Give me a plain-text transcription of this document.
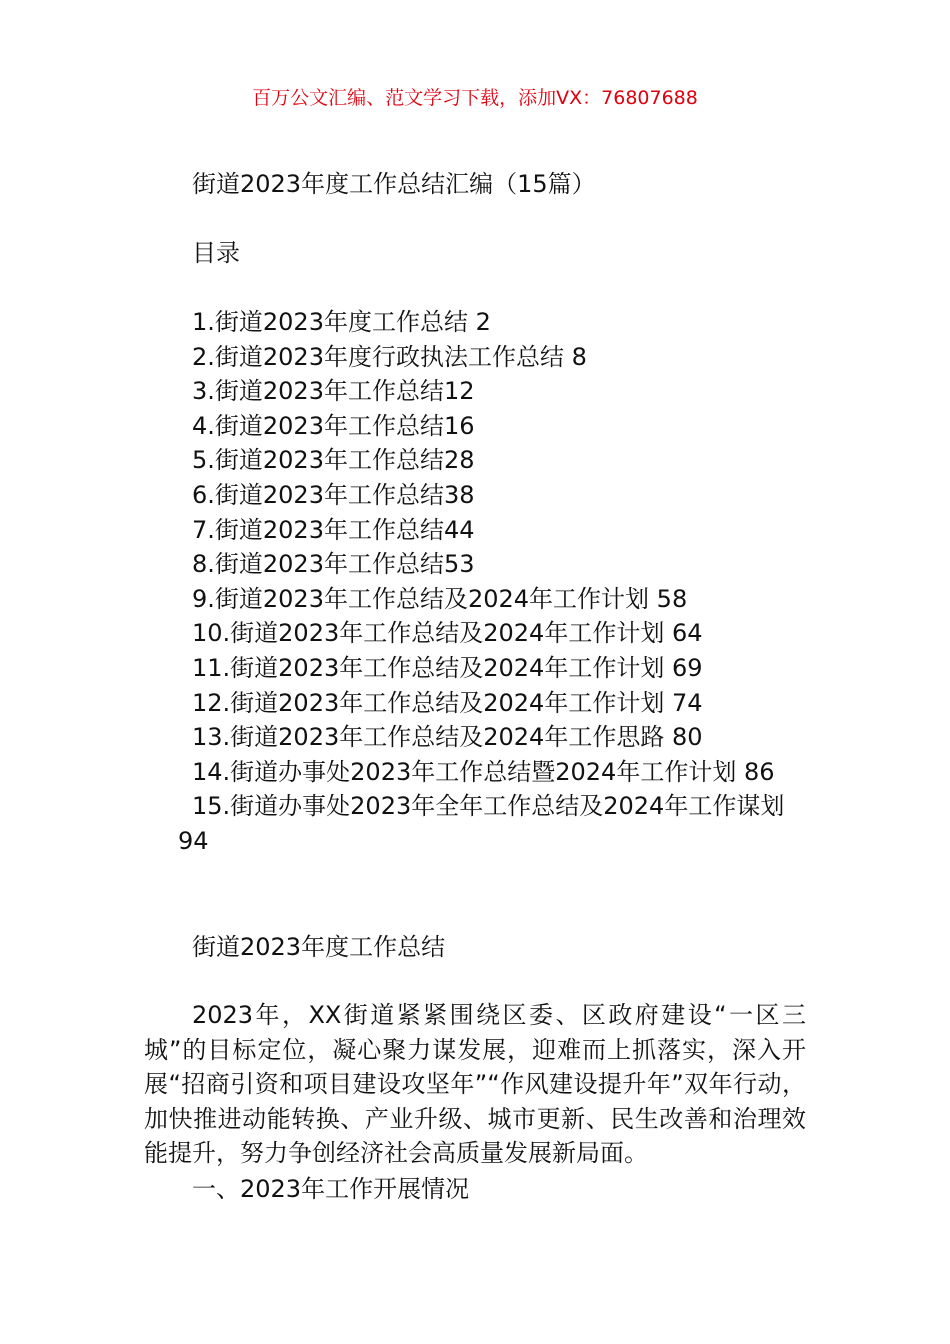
百万公文汇编、范文学习下载，添加VX：76807688
街道2023年度工作总结汇编（15篇）
目录
1.街道2023年度工作总结 2
2.街道2023年度行政执法工作总结 8
3.街道2023年工作总结12
4.街道2023年工作总结16
5.街道2023年工作总结28
6.街道2023年工作总结38
7.街道2023年工作总结44
8.街道2023年工作总结53
9.街道2023年工作总结及2024年工作计划 58
10.街道2023年工作总结及2024年工作计划 64
11.街道2023年工作总结及2024年工作计划 69
12.街道2023年工作总结及2024年工作计划 74
13.街道2023年工作总结及2024年工作思路 80
14.街道办事处2023年工作总结暨2024年工作计划 86
15.街道办事处2023年全年工作总结及2024年工作谋划
94
街道2023年度工作总结

2023年，XX街道紧紧围绕区委、区政府建设“一区三城”的目标定位，凝心聚力谋发展，迎难而上抓落实，深入开展“招商引资和项目建设攻坚年”“作风建设提升年”双年行动，加快推进动能转换、产业升级、城市更新、民生改善和治理效能提升，努力争创经济社会高质量发展新局面。

一、2023年工作开展情况
